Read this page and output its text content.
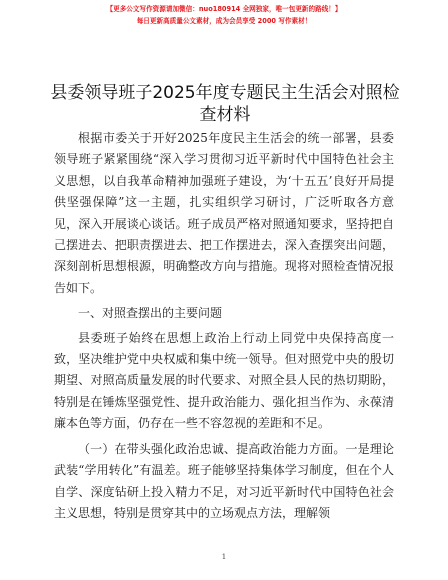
【更多公文写作资源请加微信：nuo180914 全网独家，唯一包更新的路线！】
每日更新高质量公文素材，成为会员享受 2000 写作素材！
县委领导班子2025年度专题民主生活会对照检查材料

根据市委关于开好2025年度民主生活会的统一部署，县委领导班子紧紧围绕“深入学习贯彻习近平新时代中国特色社会主义思想，以自我革命精神加强班子建设，为‘十五五’良好开局提供坚强保障”这一主题，扎实组织学习研讨，广泛听取各方意见，深入开展谈心谈话。班子成员严格对照通知要求，坚持把自己摆进去、把职责摆进去、把工作摆进去，深入查摆突出问题，深刻剖析思想根源，明确整改方向与措施。现将对照检查情况报告如下。

一、对照查摆出的主要问题

县委班子始终在思想上政治上行动上同党中央保持高度一致，坚决维护党中央权威和集中统一领导。但对照党中央的殷切期望、对照高质量发展的时代要求、对照全县人民的热切期盼，特别是在锤炼坚强党性、提升政治能力、强化担当作为、永葆清廉本色等方面，仍存在一些不容忽视的差距和不足。

（一）在带头强化政治忠诚、提高政治能力方面。一是理论武装“学用转化”有温差。班子能够坚持集体学习制度，但在个人自学、深度钻研上投入精力不足，对习近平新时代中国特色社会主义思想，特别是贯穿其中的立场观点方法，理解领

1
